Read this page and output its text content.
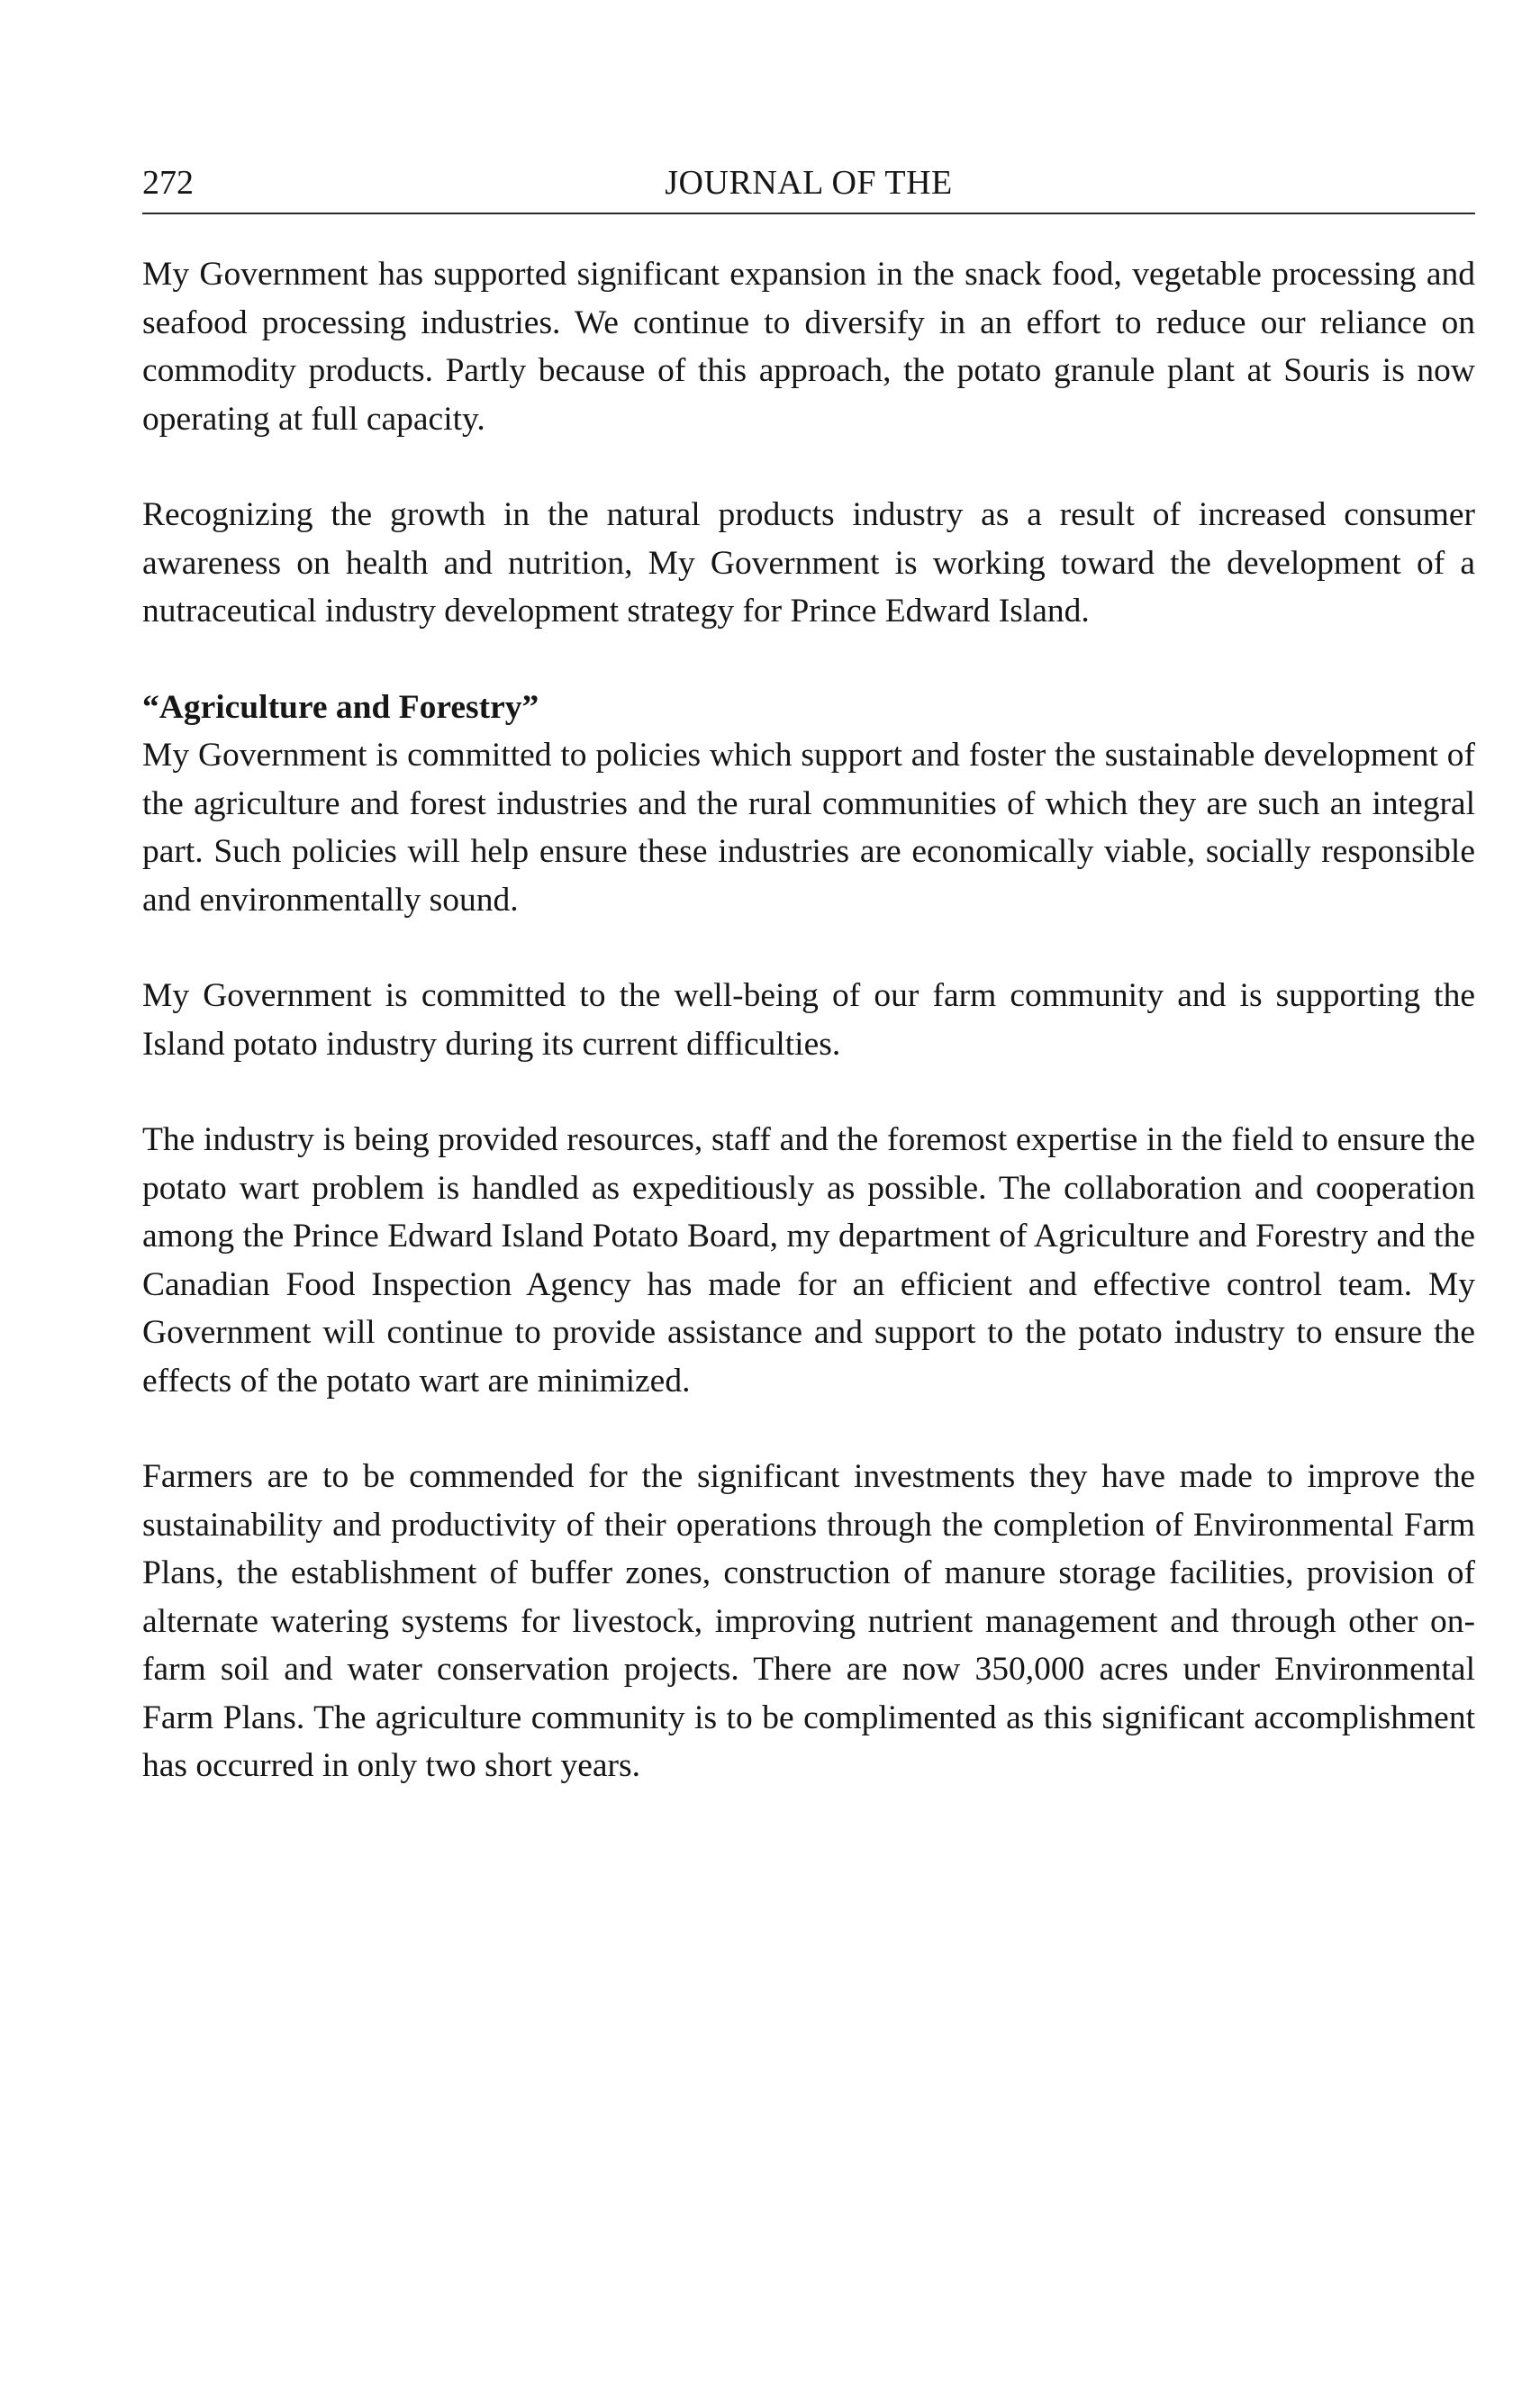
272	JOURNAL OF THE

My Government has supported significant expansion in the snack food, vegetable processing and seafood processing industries. We continue to diversify in an effort to reduce our reliance on commodity products. Partly because of this approach, the potato granule plant at Souris is now operating at full capacity.

Recognizing the growth in the natural products industry as a result of increased consumer awareness on health and nutrition, My Government is working toward the development of a nutraceutical industry development strategy for Prince Edward Island.

“Agriculture and Forestry”

My Government is committed to policies which support and foster the sustainable development of the agriculture and forest industries and the rural communities of which they are such an integral part. Such policies will help ensure these industries are economically viable, socially responsible and environmentally sound.

My Government is committed to the well-being of our farm community and is supporting the Island potato industry during its current difficulties.

The industry is being provided resources, staff and the foremost expertise in the field to ensure the potato wart problem is handled as expeditiously as possible. The collaboration and cooperation among the Prince Edward Island Potato Board, my department of Agriculture and Forestry and the Canadian Food Inspection Agency has made for an efficient and effective control team. My Government will continue to provide assistance and support to the potato industry to ensure the effects of the potato wart are minimized.

Farmers are to be commended for the significant investments they have made to improve the sustainability and productivity of their operations through the completion of Environmental Farm Plans, the establishment of buffer zones, construction of manure storage facilities, provision of alternate watering systems for livestock, improving nutrient management and through other on-farm soil and water conservation projects. There are now 350,000 acres under Environmental Farm Plans. The agriculture community is to be complimented as this significant accomplishment has occurred in only two short years.
